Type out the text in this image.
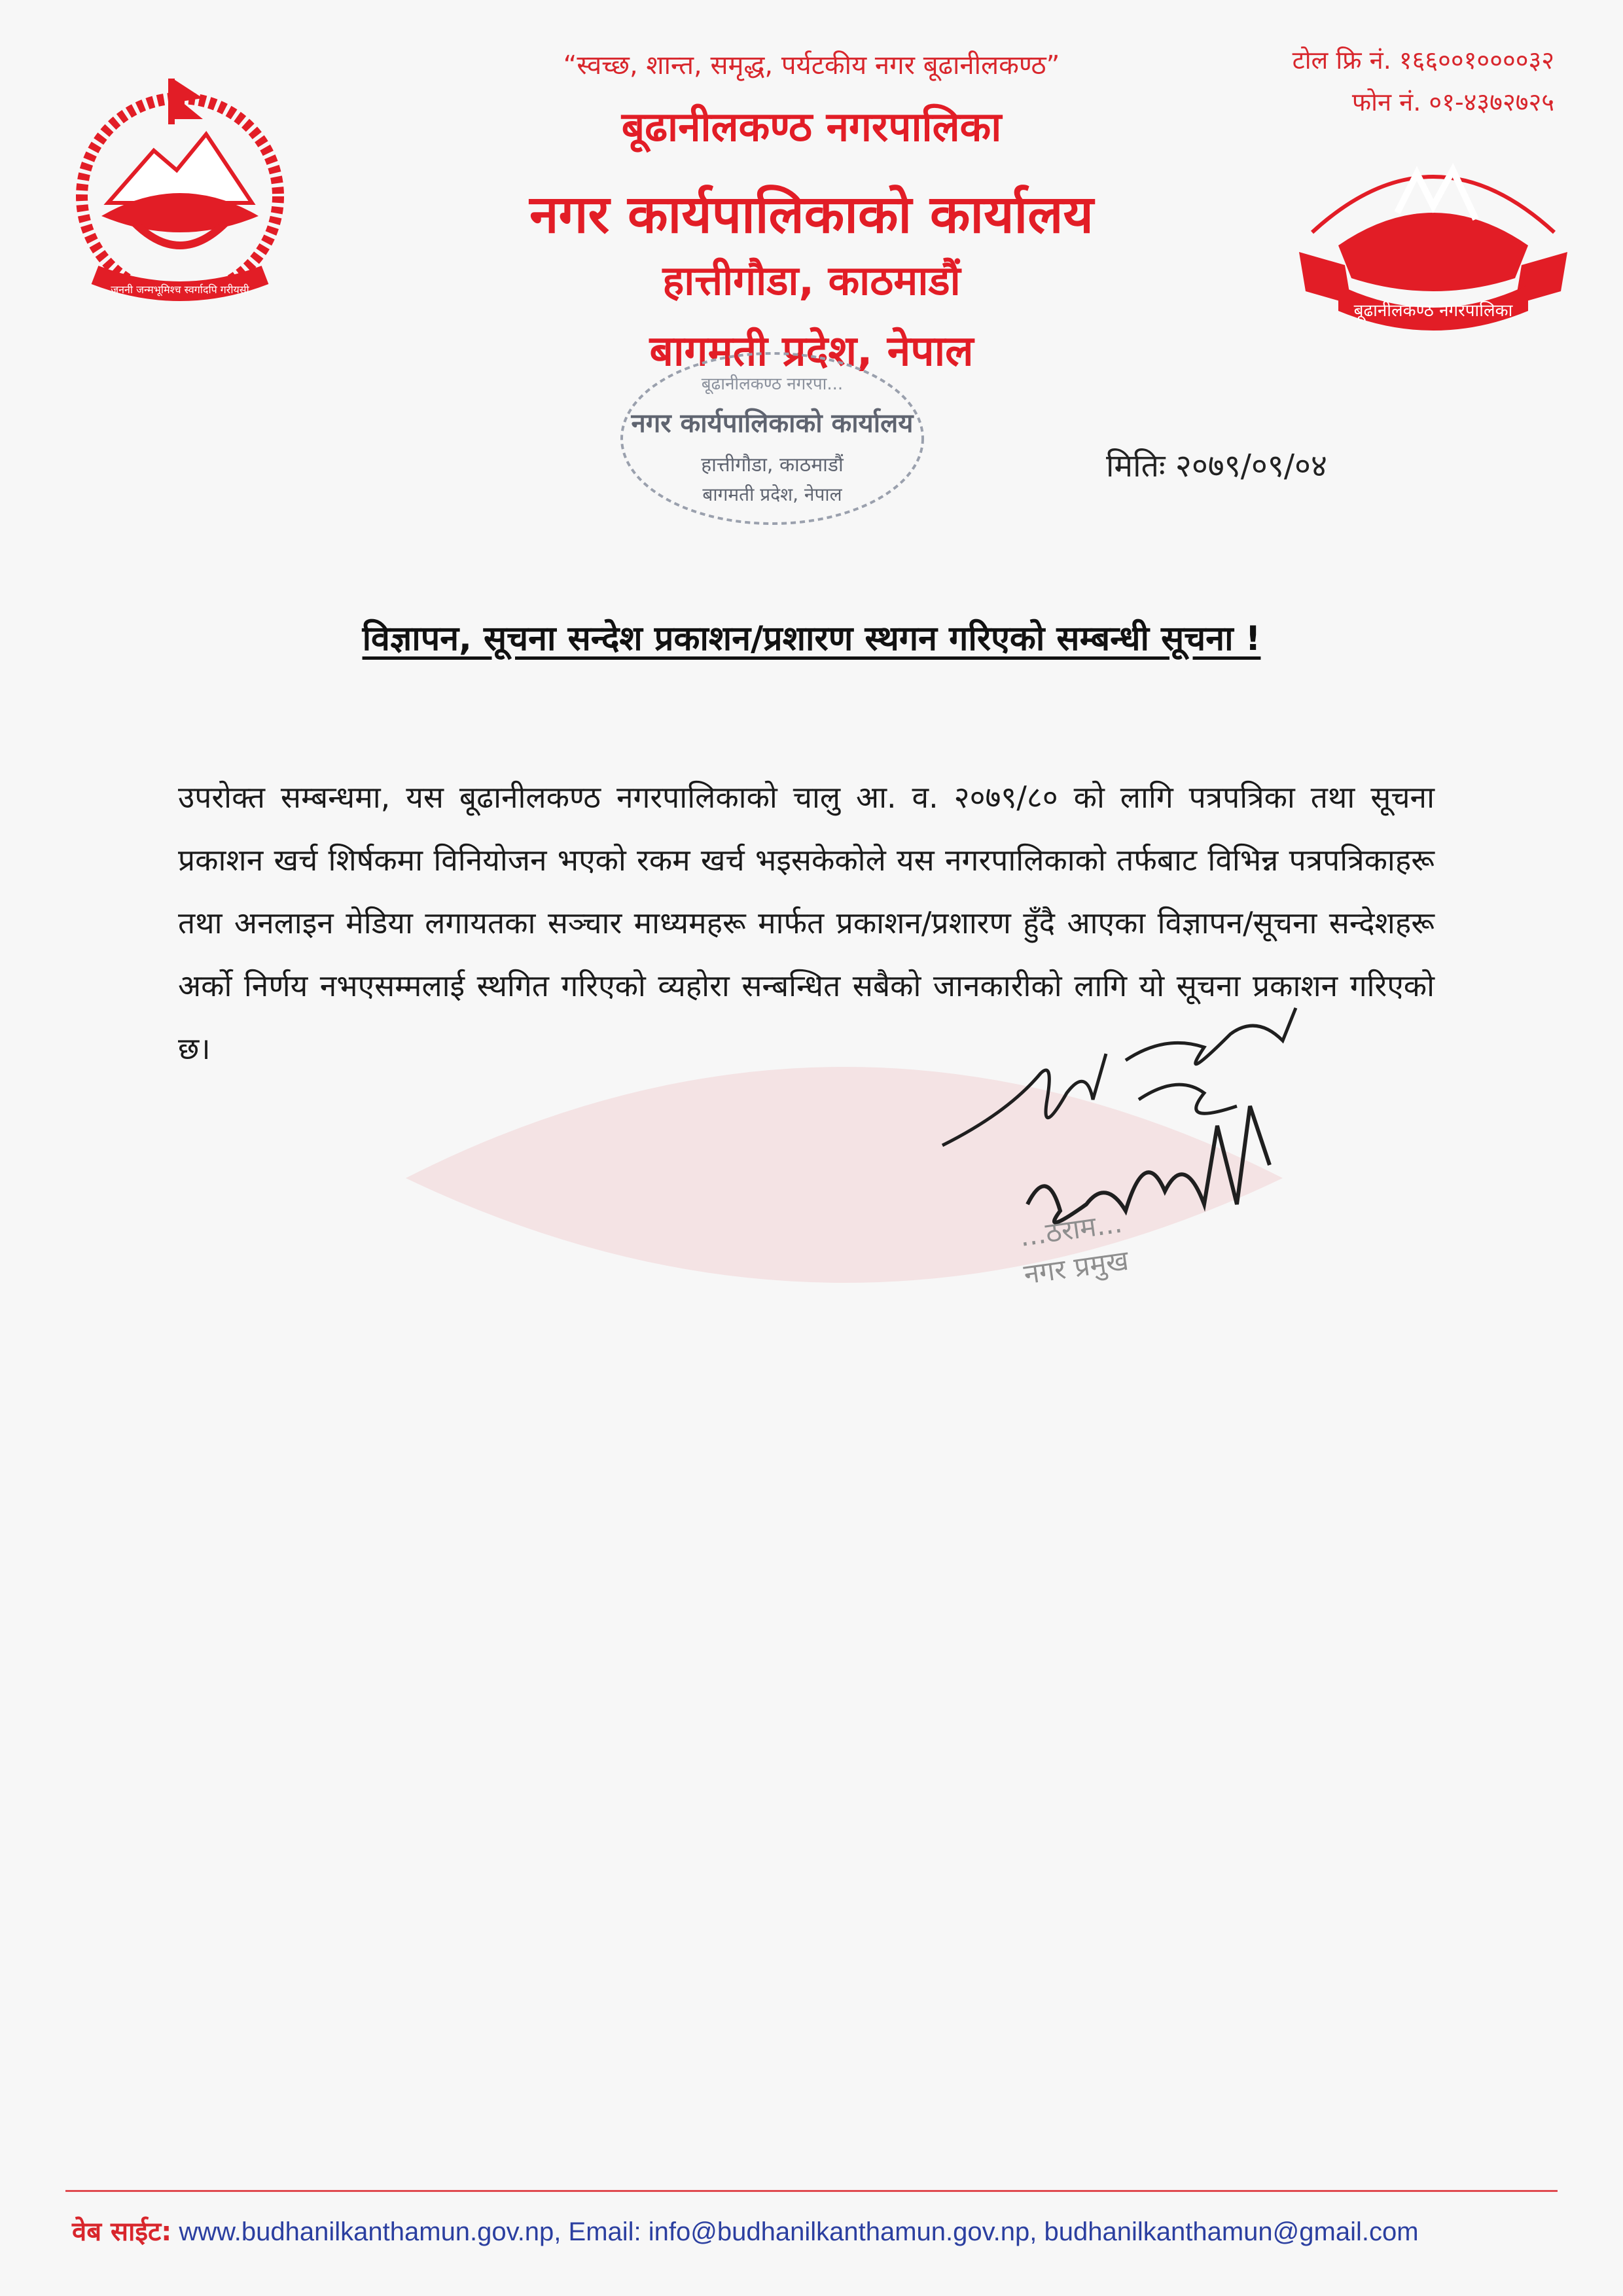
जननी जन्मभूमिश्च स्वर्गादपि गरीयसी
“स्वच्छ, शान्त, समृद्ध, पर्यटकीय नगर बूढानीलकण्ठ”
बूढानीलकण्ठ नगरपालिका
नगर कार्यपालिकाको कार्यालय
हात्तीगौडा, काठमाडौं
बागमती प्रदेश, नेपाल
टोल फ्रि नं. १६६००१००००३२
फोन नं. ०१-४३७२७२५
बूढानीलकण्ठ नगरपालिका
बूढानीलकण्ठ नगरपा...
नगर कार्यपालिकाको कार्यालय
हात्तीगौडा, काठमाडौं
बागमती प्रदेश, नेपाल
मितिः २०७९/०९/०४
विज्ञापन, सूचना सन्देश प्रकाशन/प्रशारण स्थगन गरिएको सम्बन्धी सूचना !
उपरोक्त सम्बन्धमा, यस बूढानीलकण्ठ नगरपालिकाको चालु आ. व. २०७९/८० को लागि पत्रपत्रिका तथा सूचना प्रकाशन खर्च शिर्षकमा विनियोजन भएको रकम खर्च भइसकेकोले यस नगरपालिकाको तर्फबाट विभिन्न पत्रपत्रिकाहरू तथा अनलाइन मेडिया लगायतका सञ्चार माध्यमहरू मार्फत प्रकाशन/प्रशारण हुँदै आएका विज्ञापन/सूचना सन्देशहरू अर्को निर्णय नभएसम्मलाई स्थगित गरिएको व्यहोरा सन्बन्धित सबैको जानकारीको लागि यो सूचना प्रकाशन गरिएको छ।
...ठराम...
नगर प्रमुख
वेब साईट: www.budhanilkanthamun.gov.np, Email: info@budhanilkanthamun.gov.np, budhanilkanthamun@gmail.com
